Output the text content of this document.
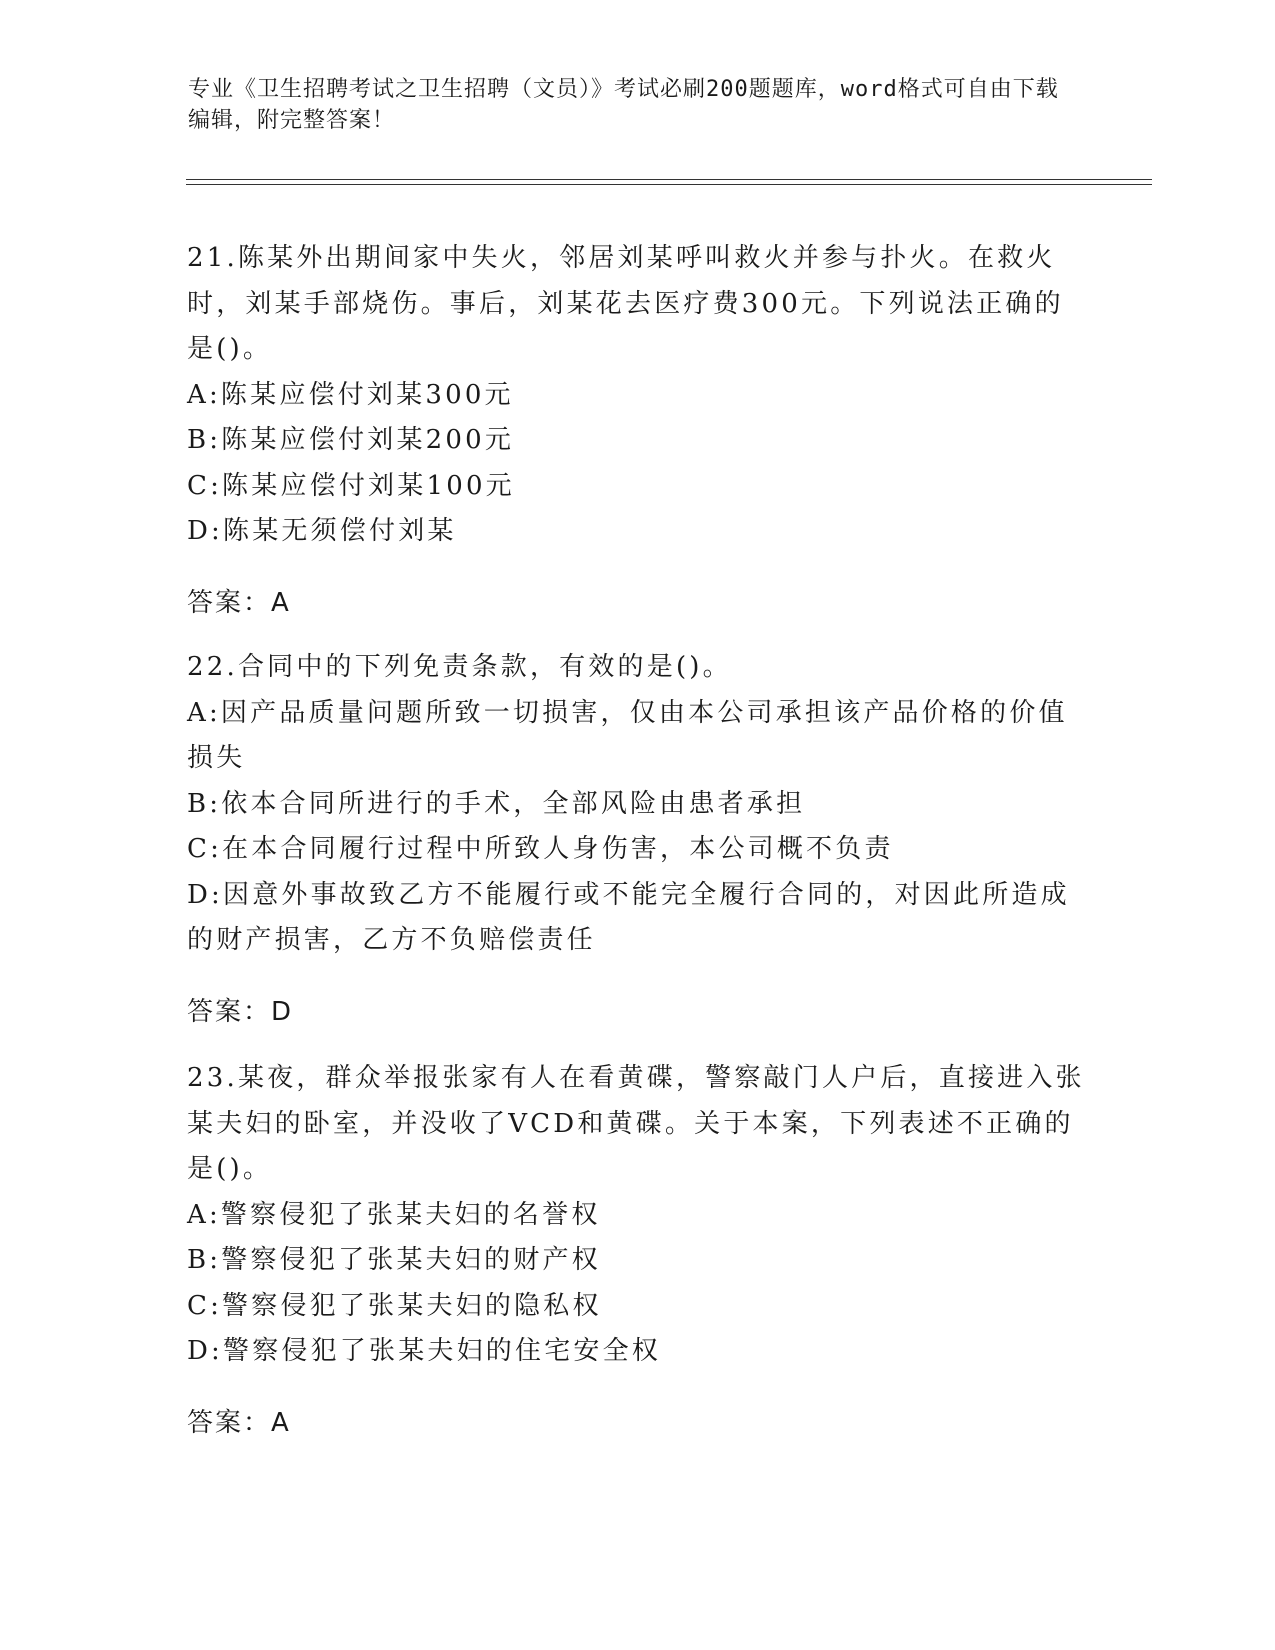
专业《卫生招聘考试之卫生招聘（文员）》考试必刷200题题库，word格式可自由下载编辑，附完整答案！

21.陈某外出期间家中失火，邻居刘某呼叫救火并参与扑火。在救火时，刘某手部烧伤。事后，刘某花去医疗费300元。下列说法正确的是()。

A:陈某应偿付刘某300元

B:陈某应偿付刘某200元

C:陈某应偿付刘某100元

D:陈某无须偿付刘某

答案：A

22.合同中的下列免责条款，有效的是()。

A:因产品质量问题所致一切损害，仅由本公司承担该产品价格的价值损失

B:依本合同所进行的手术，全部风险由患者承担

C:在本合同履行过程中所致人身伤害，本公司概不负责

D:因意外事故致乙方不能履行或不能完全履行合同的，对因此所造成的财产损害，乙方不负赔偿责任

答案：D

23.某夜，群众举报张家有人在看黄碟，警察敲门人户后，直接进入张某夫妇的卧室，并没收了VCD和黄碟。关于本案，下列表述不正确的是()。

A:警察侵犯了张某夫妇的名誉权

B:警察侵犯了张某夫妇的财产权

C:警察侵犯了张某夫妇的隐私权

D:警察侵犯了张某夫妇的住宅安全权

答案：A
